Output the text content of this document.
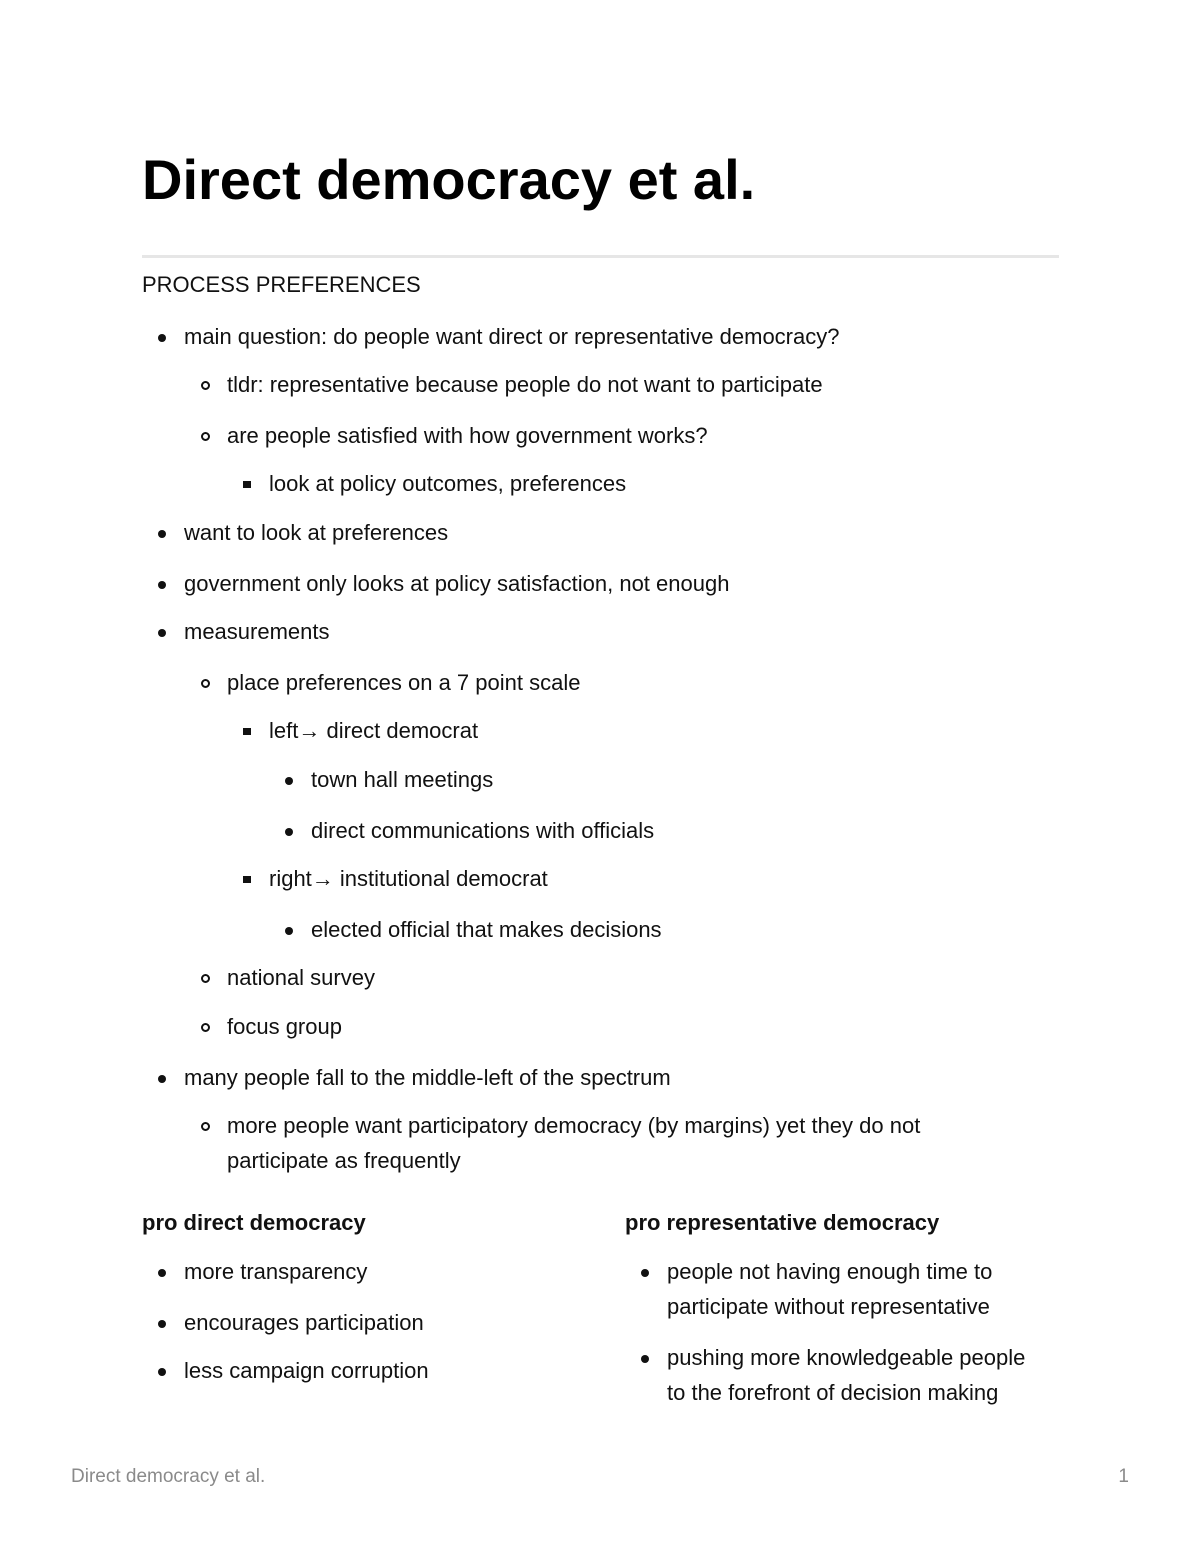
Direct democracy et al.
PROCESS PREFERENCES
main question: do people want direct or representative democracy?
tldr: representative because people do not want to participate
are people satisfied with how government works?
look at policy outcomes, preferences
want to look at preferences
government only looks at policy satisfaction, not enough
measurements
place preferences on a 7 point scale
left→ direct democrat
town hall meetings
direct communications with officials
right→ institutional democrat
elected official that makes decisions
national survey
focus group
many people fall to the middle-left of the spectrum
more people want participatory democracy (by margins) yet they do not
participate as frequently
pro direct democracy
more transparency
encourages participation
less campaign corruption
pro representative democracy
people not having enough time to
participate without representative
pushing more knowledgeable people
to the forefront of decision making
Direct democracy et al.	1
